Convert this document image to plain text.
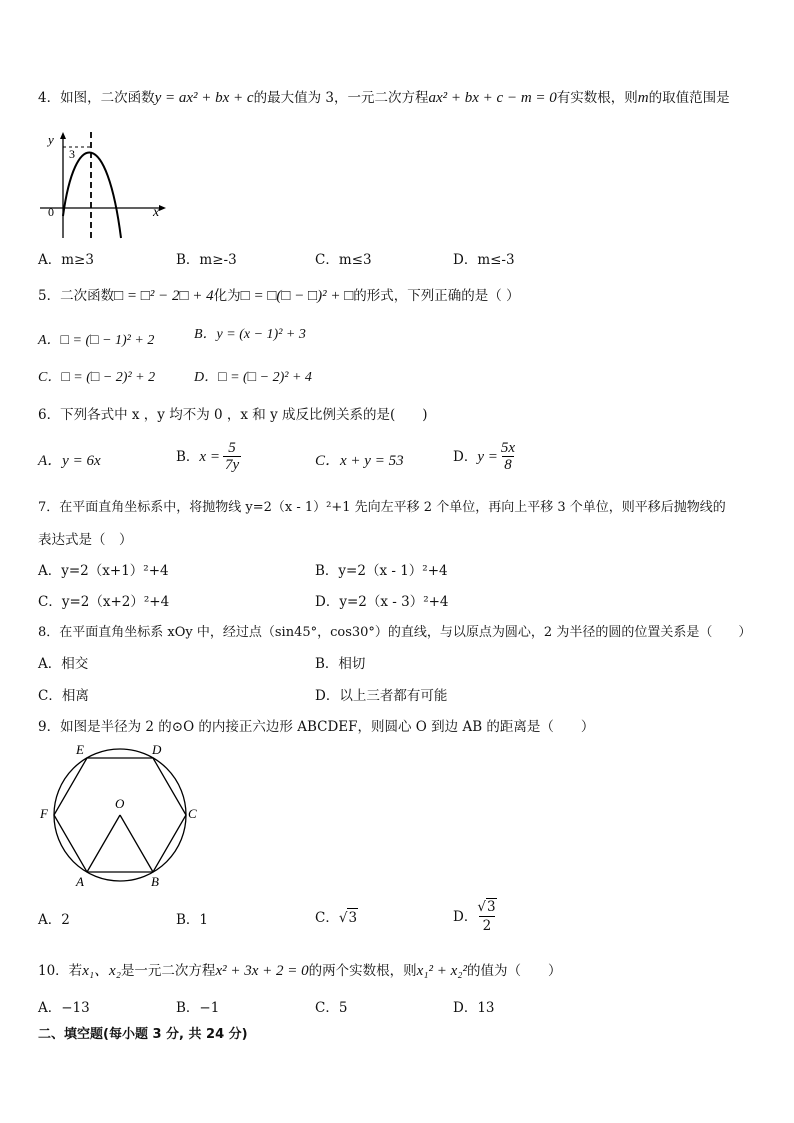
4．如图，二次函数y = ax² + bx + c的最大值为 3，一元二次方程ax² + bx + c − m = 0有实数根，则m的取值范围是
y
3
0	x
A．m≥3	B．m≥-3	C．m≤3	D．m≤-3
5．二次函数□ = □² − 2□ + 4化为□ = □(□ − □)² + □的形式，下列正确的是（ ）
A．□ = (□ − 1)² + 2	B．y = (x − 1)² + 3
C．□ = (□ − 2)² + 2	D．□ = (□ − 2)² + 4
6．下列各式中 x ，y 均不为 0 ，x 和 y 成反比例关系的是(　　)
A．y = 6x	B． $x = \frac{5}{7y}$	C．x + y = 53	D． $y = \frac{5x}{8}$
7．在平面直角坐标系中，将抛物线 y=2（x - 1）²+1 先向左平移 2 个单位，再向上平移 3 个单位，则平移后抛物线的
表达式是（　）
A．y=2（x+1）²+4	B．y=2（x - 1）²+4
C．y=2（x+2）²+4	D．y=2（x - 3）²+4
8．在平面直角坐标系 xOy 中，经过点（sin45°，cos30°）的直线，与以原点为圆心，2 为半径的圆的位置关系是（　　）
A．相交	B．相切
C．相离	D．以上三者都有可能
9．如图是半径为 2 的⊙O 的内接正六边形 ABCDEF，则圆心 O 到边 AB 的距离是（　　）
E	D
F	C
O
A	B
A．2	B．1	C． √ 3	D． $\frac{√3}{2}$
10．若x₁、x₂是一元二次方程x² + 3x + 2 = 0的两个实数根，则x₁² + x₂²的值为（　　）
A．−13	B．−1	C．5	D．13
二、填空题(每小题 3 分, 共 24 分)
